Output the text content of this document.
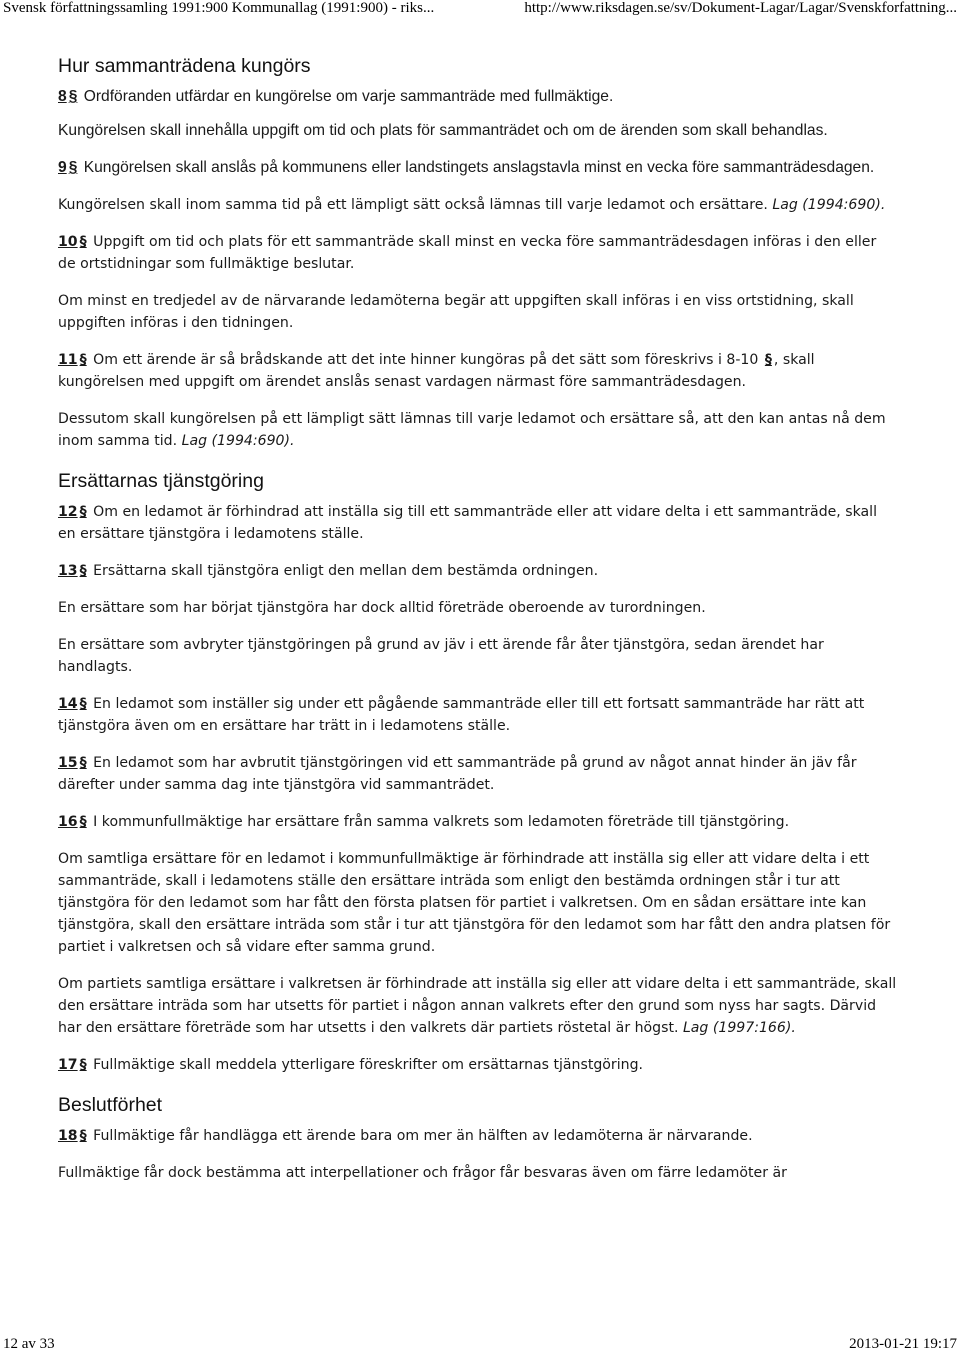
Svensk författningssamling 1991:900 Kommunallag (1991:900) - riks...	http://www.riksdagen.se/sv/Dokument-Lagar/Lagar/Svenskforfattning...
Hur sammanträdena kungörs

8 § Ordföranden utfärdar en kungörelse om varje sammanträde med fullmäktige.

Kungörelsen skall innehålla uppgift om tid och plats för sammanträdet och om de ärenden som skall behandlas.

9 § Kungörelsen skall anslås på kommunens eller landstingets anslagstavla minst en vecka före sammanträdesdagen.

Kungörelsen skall inom samma tid på ett lämpligt sätt också lämnas till varje ledamot och ersättare. Lag (1994:690).

10 § Uppgift om tid och plats för ett sammanträde skall minst en vecka före sammanträdesdagen införas i den eller de ortstidningar som fullmäktige beslutar.

Om minst en tredjedel av de närvarande ledamöterna begär att uppgiften skall införas i en viss ortstidning, skall uppgiften införas i den tidningen.

11 § Om ett ärende är så brådskande att det inte hinner kungöras på det sätt som föreskrivs i 8-10 § , skall kungörelsen med uppgift om ärendet anslås senast vardagen närmast före sammanträdesdagen.

Dessutom skall kungörelsen på ett lämpligt sätt lämnas till varje ledamot och ersättare så, att den kan antas nå dem inom samma tid. Lag (1994:690).

Ersättarnas tjänstgöring

12 § Om en ledamot är förhindrad att inställa sig till ett sammanträde eller att vidare delta i ett sammanträde, skall en ersättare tjänstgöra i ledamotens ställe.

13 § Ersättarna skall tjänstgöra enligt den mellan dem bestämda ordningen.

En ersättare som har börjat tjänstgöra har dock alltid företräde oberoende av turordningen.

En ersättare som avbryter tjänstgöringen på grund av jäv i ett ärende får åter tjänstgöra, sedan ärendet har handlagts.

14 § En ledamot som inställer sig under ett pågående sammanträde eller till ett fortsatt sammanträde har rätt att tjänstgöra även om en ersättare har trätt in i ledamotens ställe.

15 § En ledamot som har avbrutit tjänstgöringen vid ett sammanträde på grund av något annat hinder än jäv får därefter under samma dag inte tjänstgöra vid sammanträdet.

16 § I kommunfullmäktige har ersättare från samma valkrets som ledamoten företräde till tjänstgöring.

Om samtliga ersättare för en ledamot i kommunfullmäktige är förhindrade att inställa sig eller att vidare delta i ett sammanträde, skall i ledamotens ställe den ersättare inträda som enligt den bestämda ordningen står i tur att tjänstgöra för den ledamot som har fått den första platsen för partiet i valkretsen. Om en sådan ersättare inte kan tjänstgöra, skall den ersättare inträda som står i tur att tjänstgöra för den ledamot som har fått den andra platsen för partiet i valkretsen och så vidare efter samma grund.

Om partiets samtliga ersättare i valkretsen är förhindrade att inställa sig eller att vidare delta i ett sammanträde, skall den ersättare inträda som har utsetts för partiet i någon annan valkrets efter den grund som nyss har sagts. Därvid har den ersättare företräde som har utsetts i den valkrets där partiets röstetal är högst. Lag (1997:166).

17 § Fullmäktige skall meddela ytterligare föreskrifter om ersättarnas tjänstgöring.

Beslutförhet

18 § Fullmäktige får handlägga ett ärende bara om mer än hälften av ledamöterna är närvarande.

Fullmäktige får dock bestämma att interpellationer och frågor får besvaras även om färre ledamöter är

12 av 33	2013-01-21 19:17
